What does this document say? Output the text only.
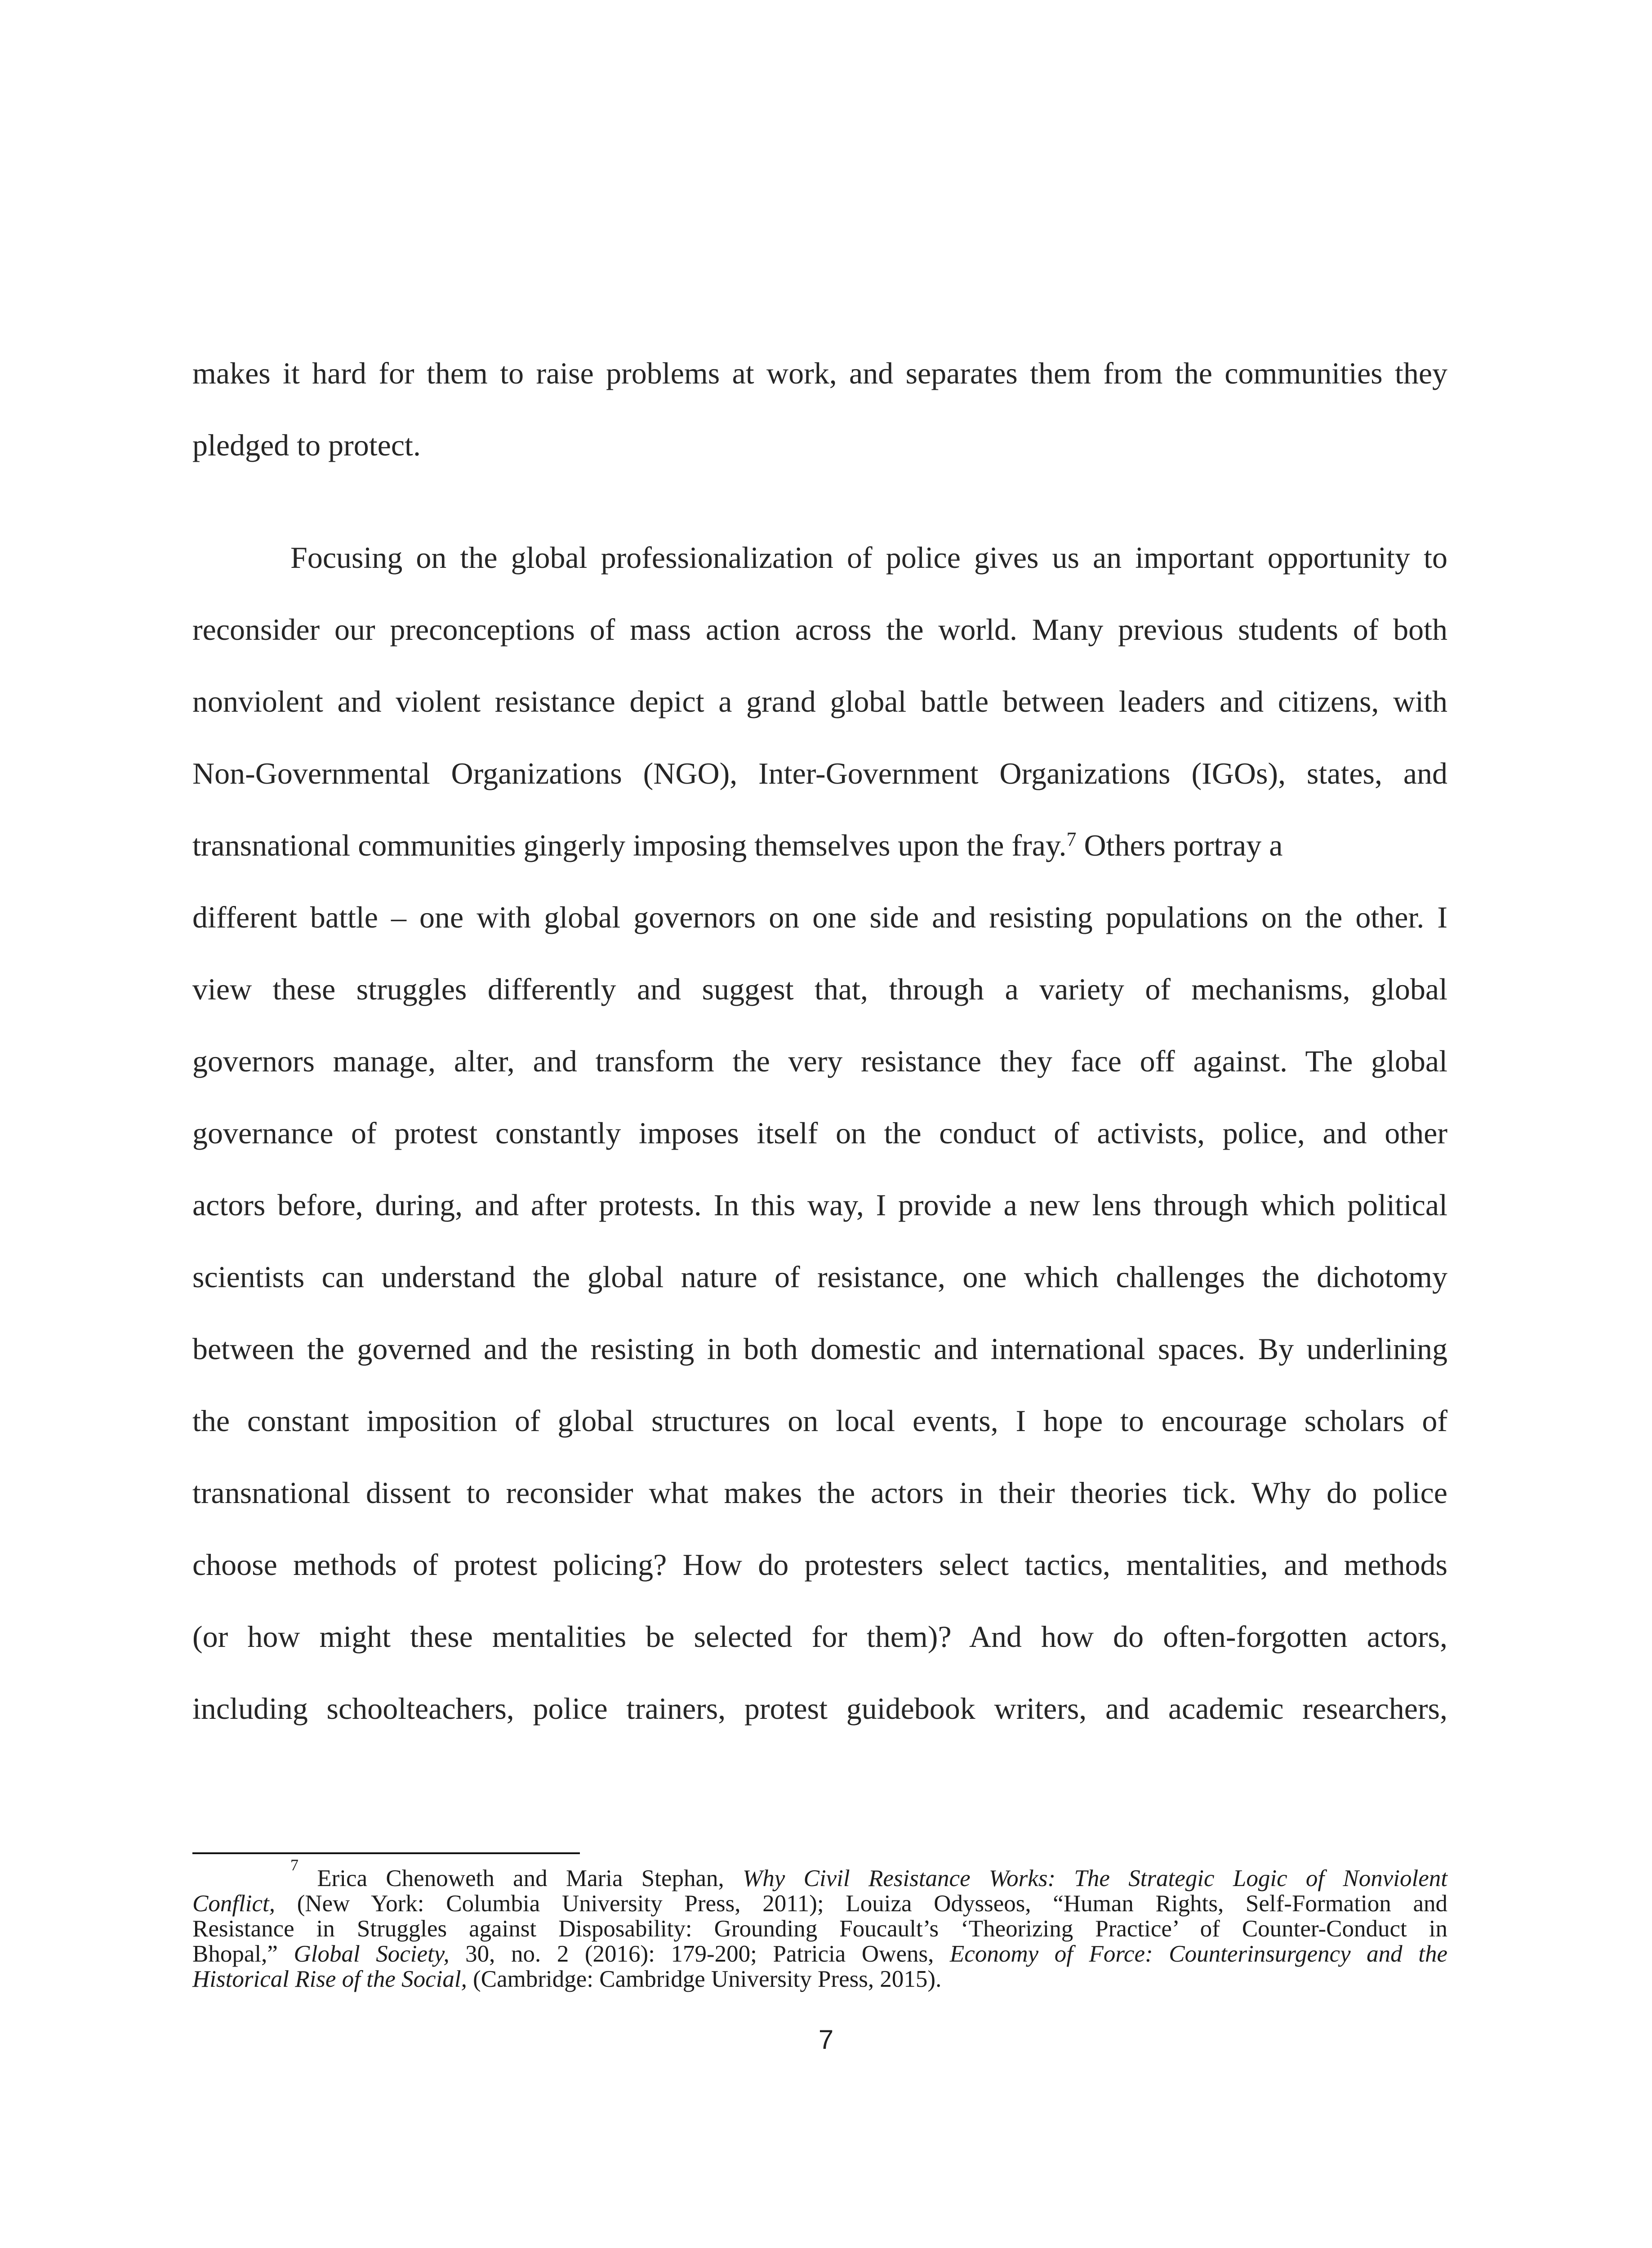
makes it hard for them to raise problems at work, and separates them from the communities they
pledged to protect.
Focusing on the global professionalization of police gives us an important opportunity to
reconsider our preconceptions of mass action across the world. Many previous students of both
nonviolent and violent resistance depict a grand global battle between leaders and citizens, with
Non-Governmental Organizations (NGO), Inter-Government Organizations (IGOs), states, and
transnational communities gingerly imposing themselves upon the fray.$^7$ Others portray a
different battle – one with global governors on one side and resisting populations on the other. I
view these struggles differently and suggest that, through a variety of mechanisms, global
governors manage, alter, and transform the very resistance they face off against. The global
governance of protest constantly imposes itself on the conduct of activists, police, and other
actors before, during, and after protests. In this way, I provide a new lens through which political
scientists can understand the global nature of resistance, one which challenges the dichotomy
between the governed and the resisting in both domestic and international spaces. By underlining
the constant imposition of global structures on local events, I hope to encourage scholars of
transnational dissent to reconsider what makes the actors in their theories tick. Why do police
choose methods of protest policing? How do protesters select tactics, mentalities, and methods
(or how might these mentalities be selected for them)? And how do often-forgotten actors,
including schoolteachers, police trainers, protest guidebook writers, and academic researchers,
$^7$ Erica Chenoweth and Maria Stephan, Why Civil Resistance Works: The Strategic Logic of Nonviolent
Conflict, (New York: Columbia University Press, 2011); Louiza Odysseos, “Human Rights, Self-Formation and
Resistance in Struggles against Disposability: Grounding Foucault’s ‘Theorizing Practice’ of Counter-Conduct in
Bhopal,” Global Society, 30, no. 2 (2016): 179-200; Patricia Owens, Economy of Force: Counterinsurgency and the
Historical Rise of the Social, (Cambridge: Cambridge University Press, 2015).
7
